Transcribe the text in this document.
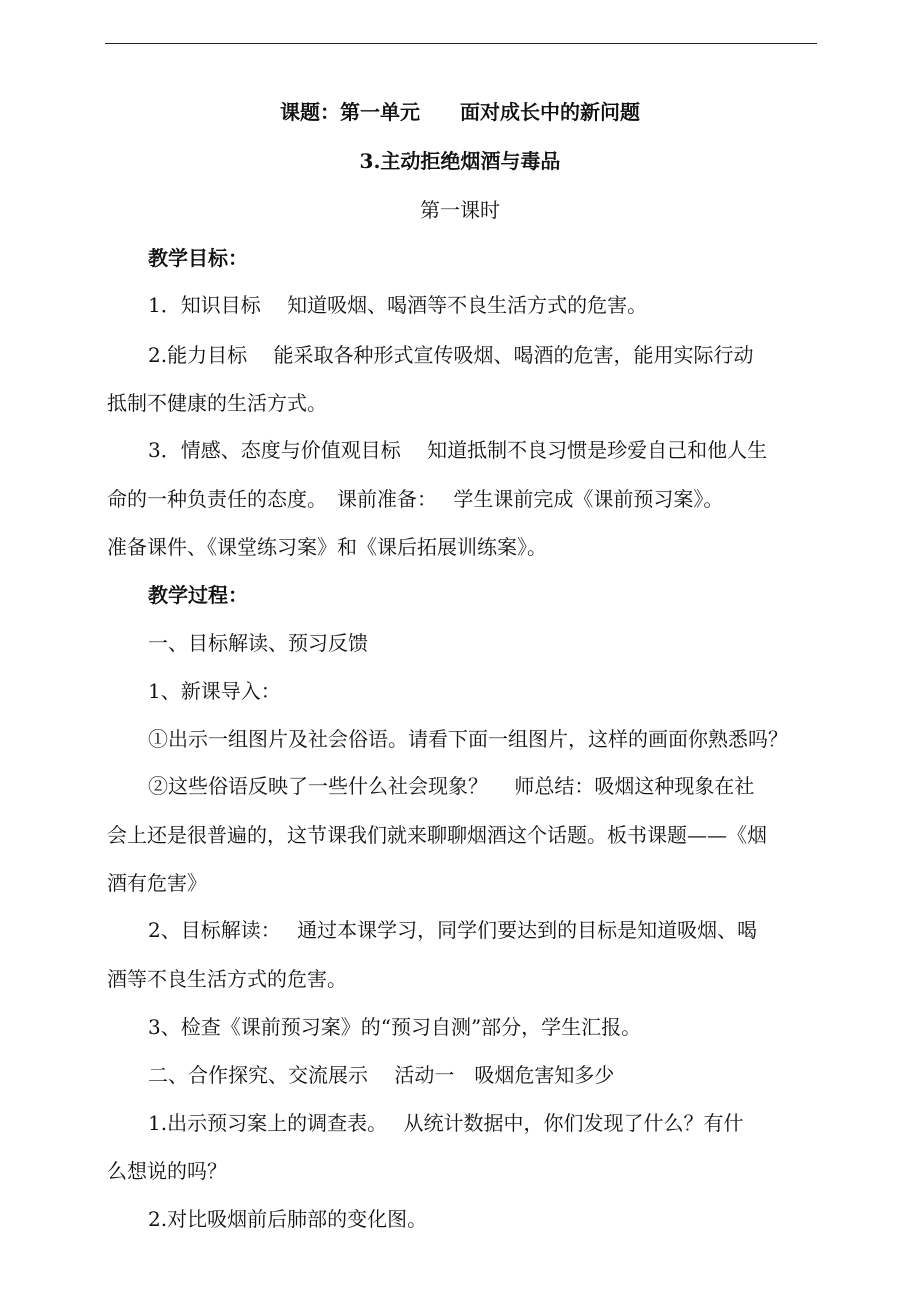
课题：第一单元　　面对成长中的新问题
3.主动拒绝烟酒与毒品
第一课时
教学目标：
1．知识目标　 知道吸烟、喝酒等不良生活方式的危害。
2.能力目标　 能采取各种形式宣传吸烟、喝酒的危害，能用实际行动
抵制不健康的生活方式。
3．情感、态度与价值观目标　 知道抵制不良习惯是珍爱自己和他人生
命的一种负责任的态度。　课前准备：　 学生课前完成《课前预习案》。
准备课件、《课堂练习案》和《课后拓展训练案》。
教学过程：
一、目标解读、预习反馈
1、新课导入：
①出示一组图片及社会俗语。请看下面一组图片，这样的画面你熟悉吗？
②这些俗语反映了一些什么社会现象？　 师总结：吸烟这种现象在社
会上还是很普遍的，这节课我们就来聊聊烟酒这个话题。板书课题——《烟
酒有危害》
2、目标解读：　 通过本课学习，同学们要达到的目标是知道吸烟、喝
酒等不良生活方式的危害。
3、检查《课前预习案》的“预习自测”部分，学生汇报。
二、合作探究、交流展示　 活动一　吸烟危害知多少
1.出示预习案上的调查表。　 从统计数据中，你们发现了什么？有什
么想说的吗？
2.对比吸烟前后肺部的变化图。
